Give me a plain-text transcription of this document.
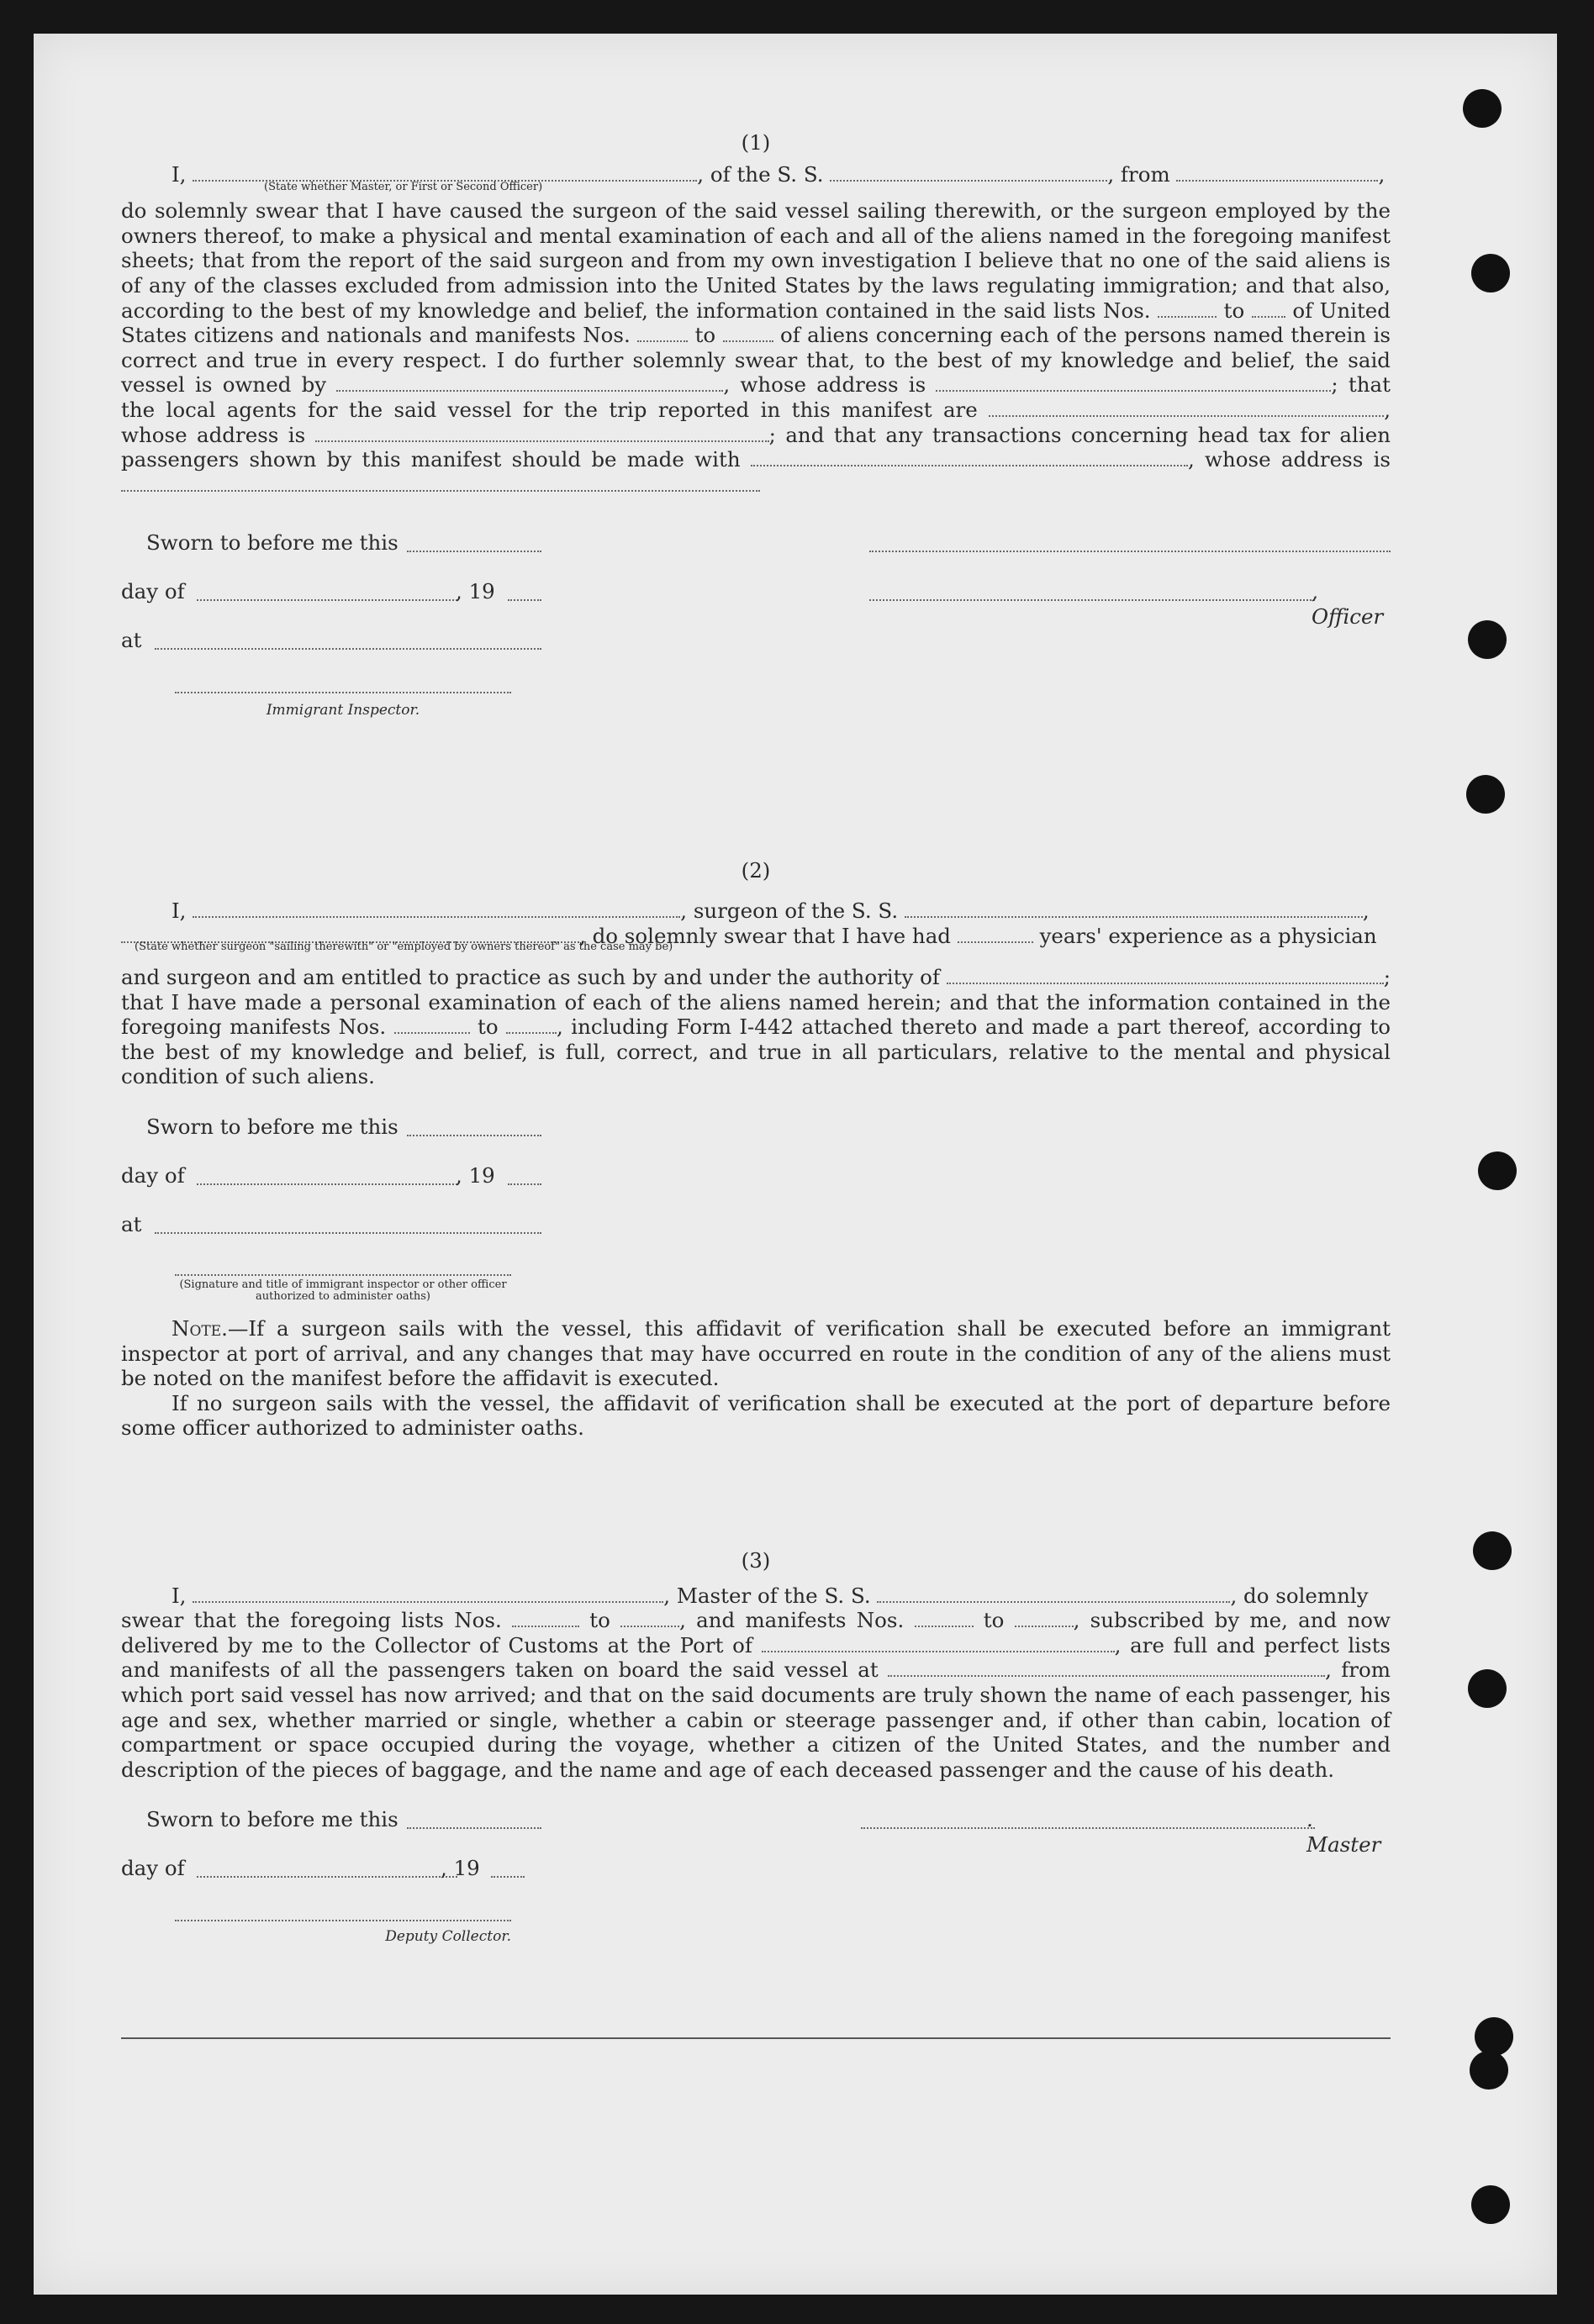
(1)

I,	, of the S. S.	, from	,

(State whether Master, or First or Second Officer)

do solemnly swear that I have caused the surgeon of the said vessel sailing therewith, or the surgeon employed by the owners thereof, to make a physical and mental examination of each and all of the aliens named in the foregoing manifest sheets; that from the report of the said surgeon and from my own investigation I believe that no one of the said aliens is of any of the classes excluded from admission into the United States by the laws regulating immigration; and that also, according to the best of my knowledge and belief, the information contained in the said lists Nos.	to of United States citizens and nationals and manifests Nos.	to	of aliens concerning each of the persons named therein is correct and true in every respect. I do further solemnly swear that, to the best of my knowledge and belief, the said vessel is owned by	, whose address is	; that the local agents for the said vessel for the trip reported in this manifest are	, whose address is	; and that any transactions concerning head tax for alien passengers shown by this manifest should be made with	, whose address is

Sworn to before me this
day of	, 19
at
, Officer
Immigrant Inspector.
(2)

I,	, surgeon of the S. S.	,

, do solemnly swear that I have had	years' experience as a physician

(State whether surgeon "sailing therewith" or "employed by owners thereof" as the case may be)

and surgeon and am entitled to practice as such by and under the authority of	; that I have made a personal examination of each of the aliens named herein; and that the information contained in the foregoing manifests Nos.	to	, including Form I-442 attached thereto and made a part thereof, according to the best of my knowledge and belief, is full, correct, and true in all particulars, relative to the mental and physical condition of such aliens.

Sworn to before me this
day of	, 19
at
(Signature and title of immigrant inspector or other officer authorized to administer oaths)

Note.—If a surgeon sails with the vessel, this affidavit of verification shall be executed before an immigrant inspector at port of arrival, and any changes that may have occurred en route in the condition of any of the aliens must be noted on the manifest before the affidavit is executed.

If no surgeon sails with the vessel, the affidavit of verification shall be executed at the port of departure before some officer authorized to administer oaths.

(3)

I,	, Master of the S. S.	, do solemnly

swear that the foregoing lists Nos.	to	, and manifests Nos.	to	, subscribed by me, and now delivered by me to the Collector of Customs at the Port of	, are full and perfect lists and manifests of all the passengers taken on board the said vessel at	, from which port said vessel has now arrived; and that on the said documents are truly shown the name of each passenger, his age and sex, whether married or single, whether a cabin or steerage passenger and, if other than cabin, location of compartment or space occupied during the voyage, whether a citizen of the United States, and the number and description of the pieces of baggage, and the name and age of each deceased passenger and the cause of his death.

Sworn to before me this	. Master
day of	, 19
Deputy Collector.
